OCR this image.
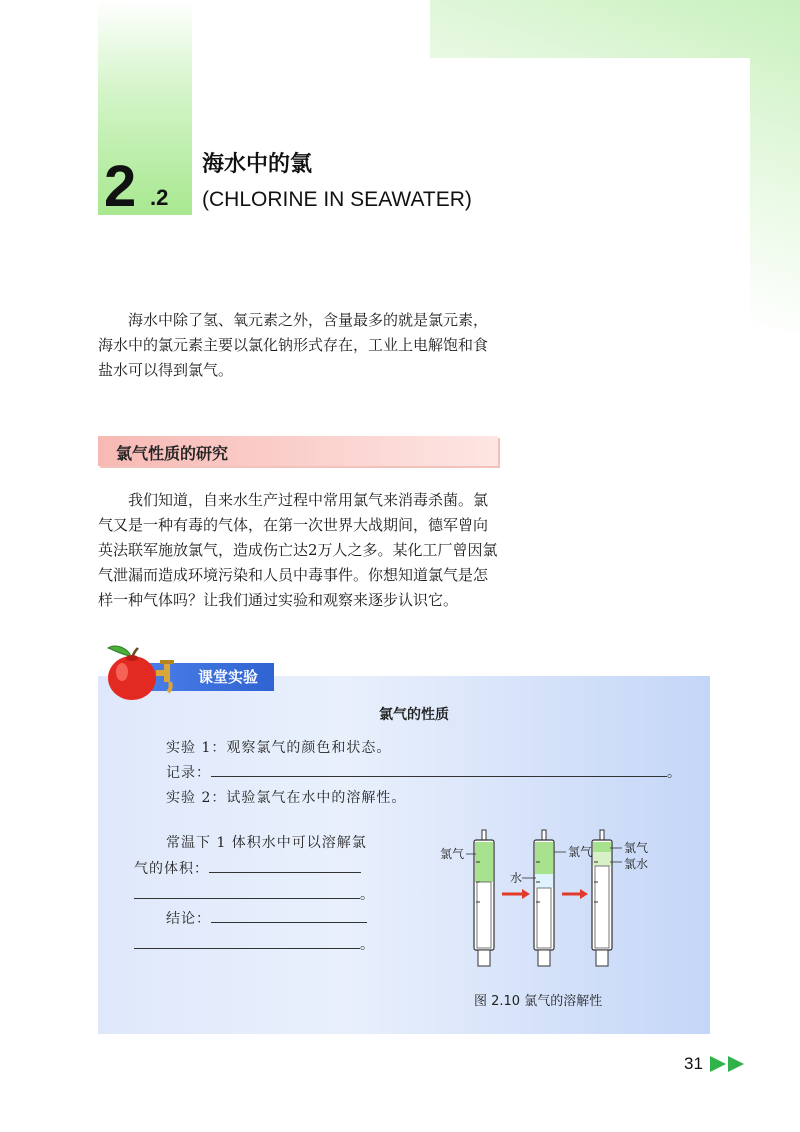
2 .2
海水中的氯
(CHLORINE IN SEAWATER)
海水中除了氢、氧元素之外，含量最多的就是氯元素，海水中的氯元素主要以氯化钠形式存在，工业上电解饱和食盐水可以得到氯气。
氯气性质的研究
我们知道，自来水生产过程中常用氯气来消毒杀菌。氯气又是一种有毒的气体，在第一次世界大战期间，德军曾向英法联军施放氯气，造成伤亡达2万人之多。某化工厂曾因氯气泄漏而造成环境污染和人员中毒事件。你想知道氯气是怎样一种气体吗？让我们通过实验和观察来逐步认识它。
课堂实验
氯气的性质
实验 1：观察氯气的颜色和状态。
记录：	。
实验 2：试验氯气在水中的溶解性。
常温下 1 体积水中可以溶解氯
气的体积：
。
结论：
。
氯气
水
氯气	氯气
氯水
图 2.10 氯气的溶解性
31
